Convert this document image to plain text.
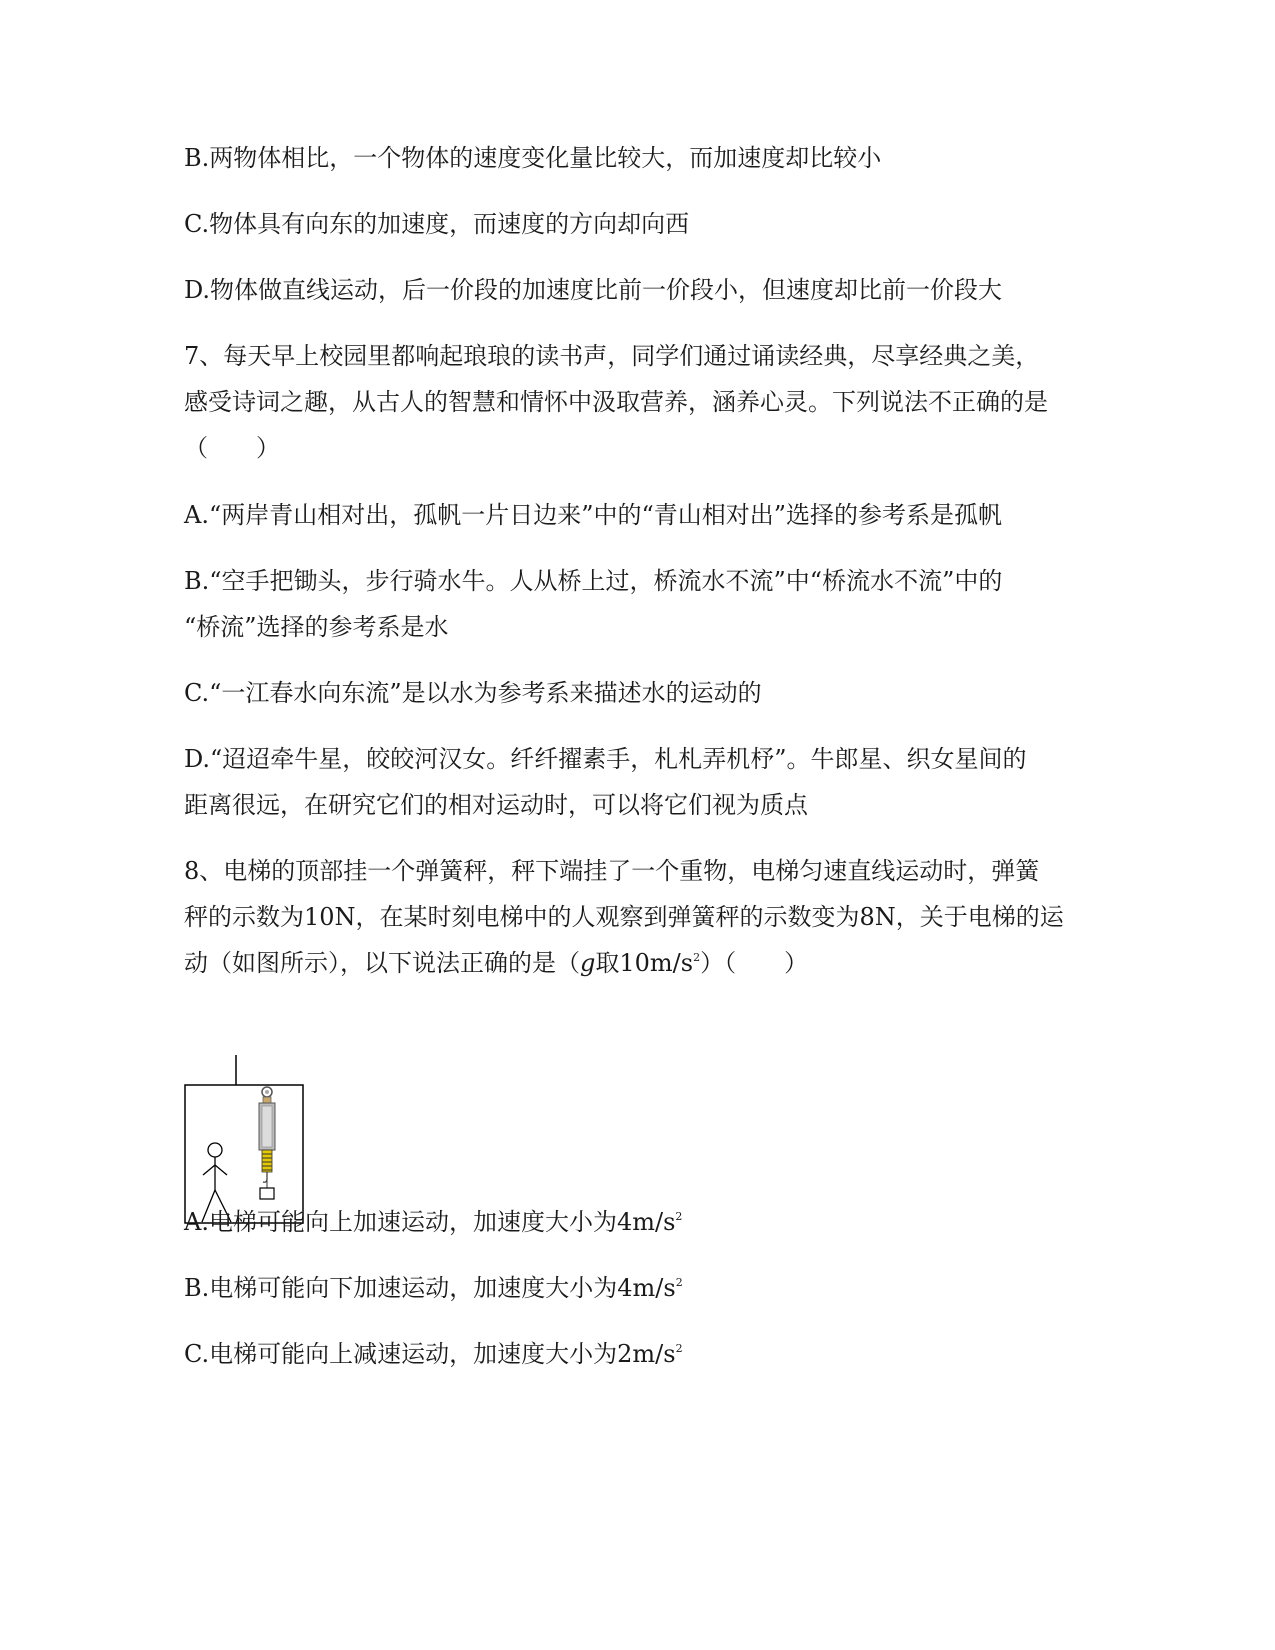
B.两物体相比，一个物体的速度变化量比较大，而加速度却比较小
C.物体具有向东的加速度，而速度的方向却向西
D.物体做直线运动，后一价段的加速度比前一价段小，但速度却比前一价段大
7、每天早上校园里都响起琅琅的读书声，同学们通过诵读经典，尽享经典之美，
感受诗词之趣，从古人的智慧和情怀中汲取营养，涵养心灵。下列说法不正确的是
（　　）
A.“两岸青山相对出，孤帆一片日边来”中的“青山相对出”选择的参考系是孤帆
B.“空手把锄头，步行骑水牛。人从桥上过，桥流水不流”中“桥流水不流”中的
“桥流”选择的参考系是水
C.“一江春水向东流”是以水为参考系来描述水的运动的
D.“迢迢牵牛星，皎皎河汉女。纤纤擢素手，札札弄机杼”。牛郎星、织女星间的
距离很远，在研究它们的相对运动时，可以将它们视为质点
8、电梯的顶部挂一个弹簧秤，秤下端挂了一个重物，电梯匀速直线运动时，弹簧
秤的示数为10N，在某时刻电梯中的人观察到弹簧秤的示数变为8N，关于电梯的运
动（如图所示），以下说法正确的是（g取$10m/s^2$）（　　）
A.电梯可能向上加速运动，加速度大小为$4m/s^2$
B.电梯可能向下加速运动，加速度大小为$4m/s^2$
C.电梯可能向上减速运动，加速度大小为$2m/s^2$
